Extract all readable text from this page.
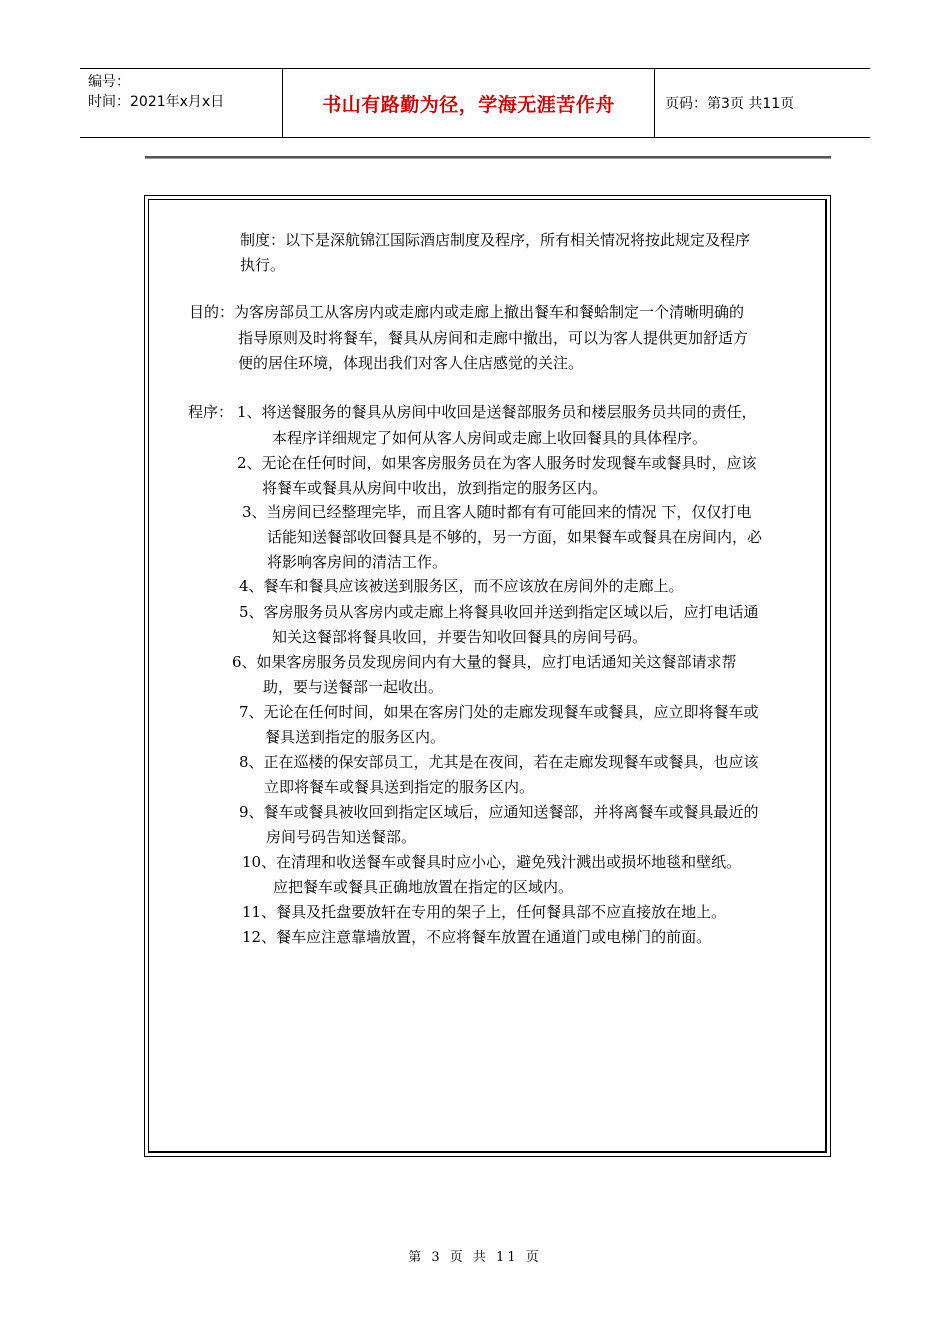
编号：
时间：2021年x月x日	书山有路勤为径，学海无涯苦作舟	页码：第3页 共11页
制度：以下是深航锦江国际酒店制度及程序，所有相关情况将按此规定及程序
执行。
目的：为客房部员工从客房内或走廊内或走廊上撤出餐车和餐蛤制定一个清晰明确的
指导原则及时将餐车，餐具从房间和走廊中撤出，可以为客人提供更加舒适方
便的居住环境，体现出我们对客人住店感觉的关注。
程序： 1、将送餐服务的餐具从房间中收回是送餐部服务员和楼层服务员共同的责任，
本程序详细规定了如何从客人房间或走廊上收回餐具的具体程序。
2、无论在任何时间，如果客房服务员在为客人服务时发现餐车或餐具时，应该
将餐车或餐具从房间中收出，放到指定的服务区内。
3、当房间已经整理完毕，而且客人随时都有有可能回来的情况 下，仅仅打电
话能知送餐部收回餐具是不够的，另一方面，如果餐车或餐具在房间内，必
将影响客房间的清洁工作。
4、餐车和餐具应该被送到服务区，而不应该放在房间外的走廊上。
5、客房服务员从客房内或走廊上将餐具收回并送到指定区域以后，应打电话通
知关这餐部将餐具收回，并要告知收回餐具的房间号码。
6、如果客房服务员发现房间内有大量的餐具，应打电话通知关这餐部请求帮
助，要与送餐部一起收出。
7、无论在任何时间，如果在客房门处的走廊发现餐车或餐具，应立即将餐车或
餐具送到指定的服务区内。
8、正在巡楼的保安部员工，尤其是在夜间，若在走廊发现餐车或餐具，也应该
立即将餐车或餐具送到指定的服务区内。
9、餐车或餐具被收回到指定区域后，应通知送餐部，并将离餐车或餐具最近的
房间号码告知送餐部。
10、在清理和收送餐车或餐具时应小心，避免残汁溅出或损坏地毯和壁纸。
应把餐车或餐具正确地放置在指定的区域内。
11、餐具及托盘要放轩在专用的架子上，任何餐具部不应直接放在地上。
12、餐车应注意靠墙放置，不应将餐车放置在通道门或电梯门的前面。
第 3 页 共 11 页
